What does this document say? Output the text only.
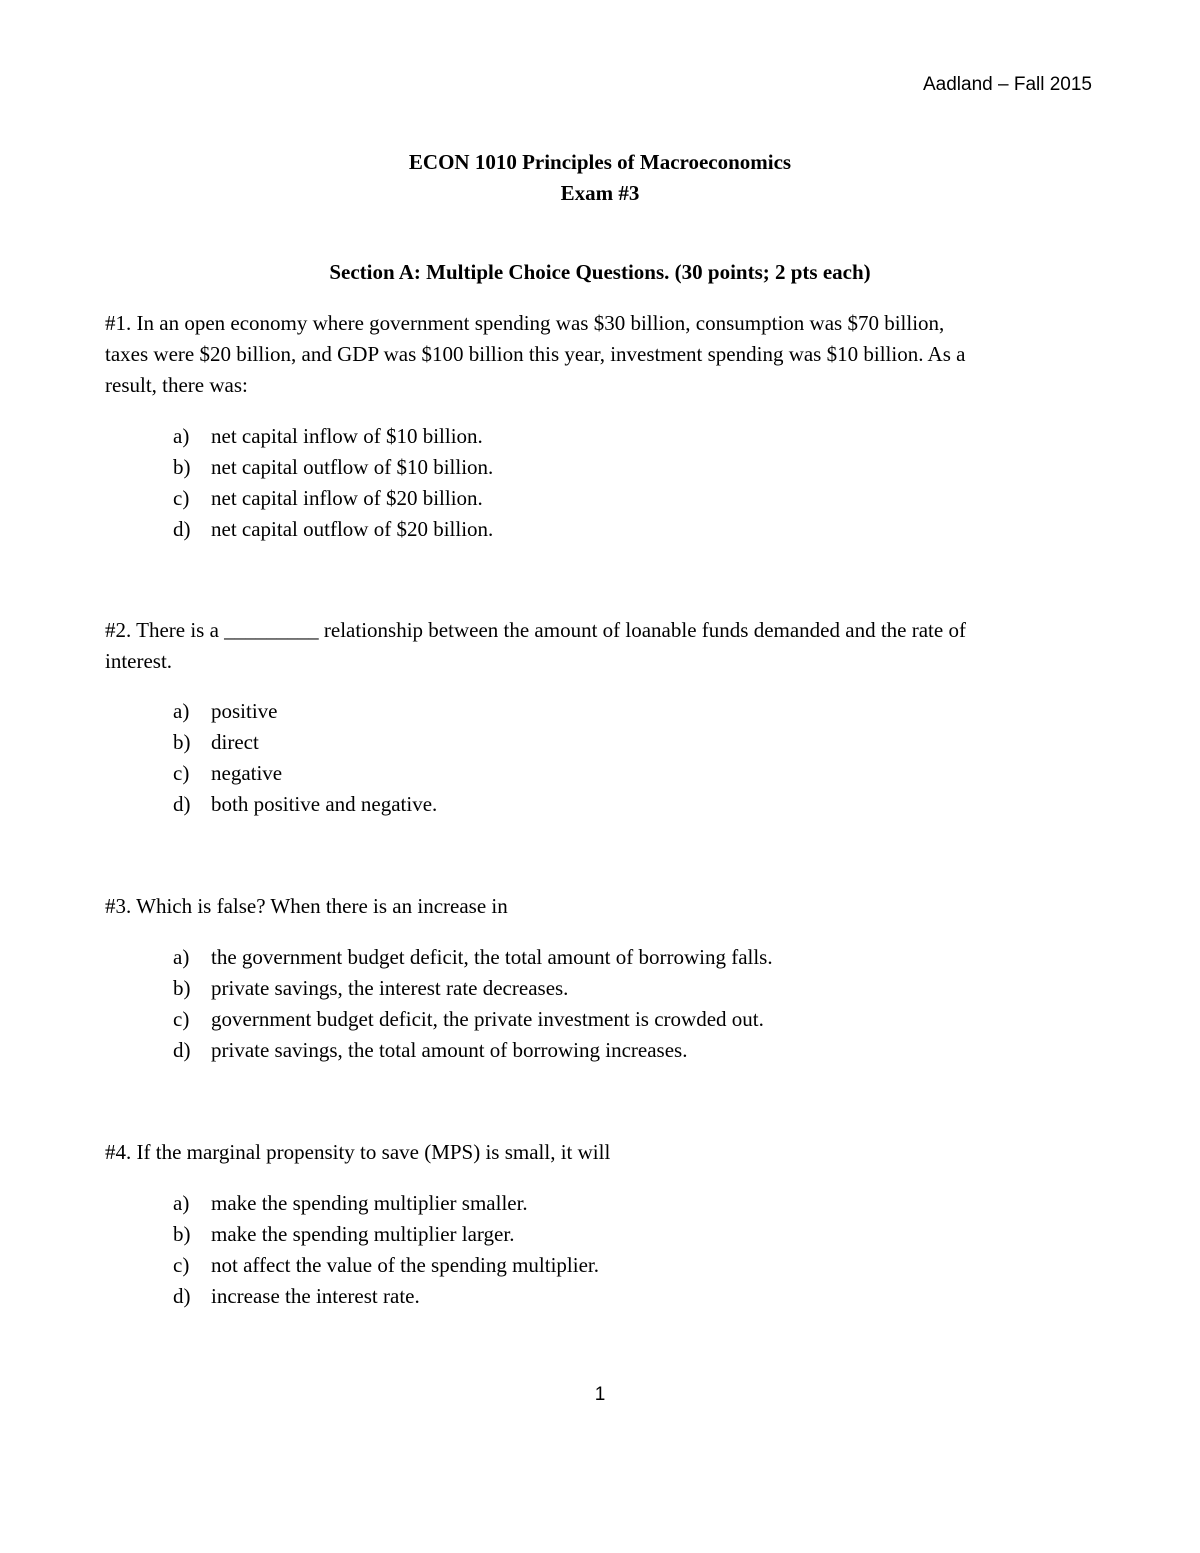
Aadland – Fall 2015
ECON 1010 Principles of Macroeconomics
Exam #3
Section A: Multiple Choice Questions. (30 points; 2 pts each)

#1. In an open economy where government spending was $30 billion, consumption was $70 billion,
taxes were $20 billion, and GDP was $100 billion this year, investment spending was $10 billion. As a
result, there was:

a)	net capital inflow of $10 billion.
b) net capital outflow of $10 billion.
c)	net capital inflow of $20 billion.
d) net capital outflow of $20 billion.

#2. There is a _________ relationship between the amount of loanable funds demanded and the rate of
interest.

a)	positive
b) direct
c)	negative
d) both positive and negative.

#3. Which is false? When there is an increase in

a)	the government budget deficit, the total amount of borrowing falls.
b) private savings, the interest rate decreases.
c)	government budget deficit, the private investment is crowded out.
d) private savings, the total amount of borrowing increases.

#4. If the marginal propensity to save (MPS) is small, it will

a)	make the spending multiplier smaller.
b) make the spending multiplier larger.
c)	not affect the value of the spending multiplier.
d) increase the interest rate.
1
